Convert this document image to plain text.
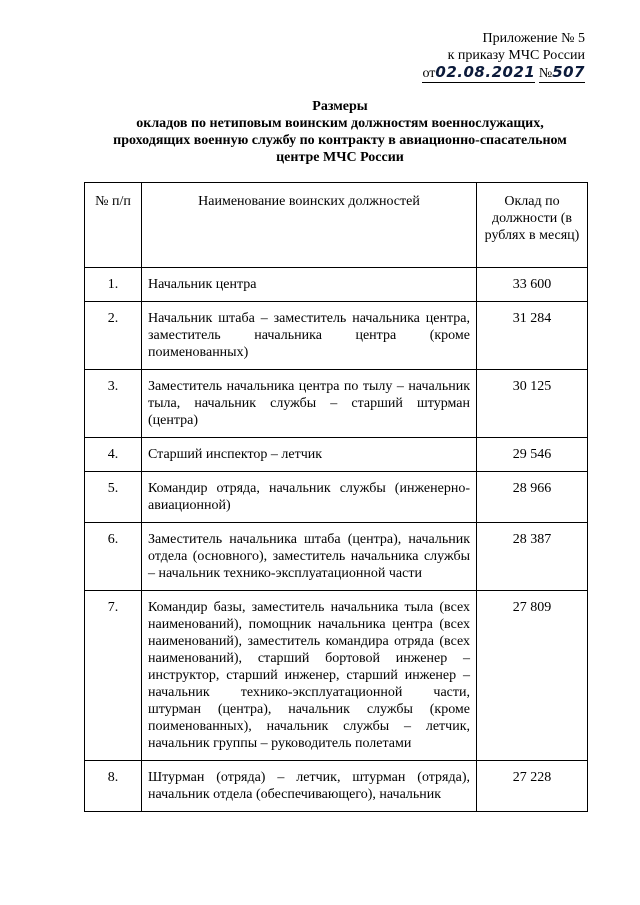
Приложение № 5
к приказу МЧС России
от02.08.2021 №507
Размеры
окладов по нетиповым воинским должностям военнослужащих,
проходящих военную службу по контракту в авиационно-спасательном
центре МЧС России
№ п/п	Наименование воинских должностей	Оклад по должности (в рублях в месяц)
1.	Начальник центра	33 600
2.	Начальник штаба – заместитель начальника центра, заместитель начальника центра (кроме поименованных)	31 284
3.	Заместитель начальника центра по тылу – начальник тыла, начальник службы – старший штурман (центра)	30 125
4.	Старший инспектор – летчик	29 546
5.	Командир отряда, начальник службы (инженерно-авиационной)	28 966
6.	Заместитель начальника штаба (центра), начальник отдела (основного), заместитель начальника службы – начальник технико-эксплуатационной части	28 387
7.	Командир базы, заместитель начальника тыла (всех наименований), помощник начальника центра (всех наименований), заместитель командира отряда (всех наименований), старший бортовой инженер – инструктор, старший инженер, старший инженер – начальник технико-эксплуатационной части, штурман (центра), начальник службы (кроме поименованных), начальник службы – летчик, начальник группы – руководитель полетами	27 809
8.	Штурман (отряда) – летчик, штурман (отряда), начальник отдела (обеспечивающего), начальник	27 228
